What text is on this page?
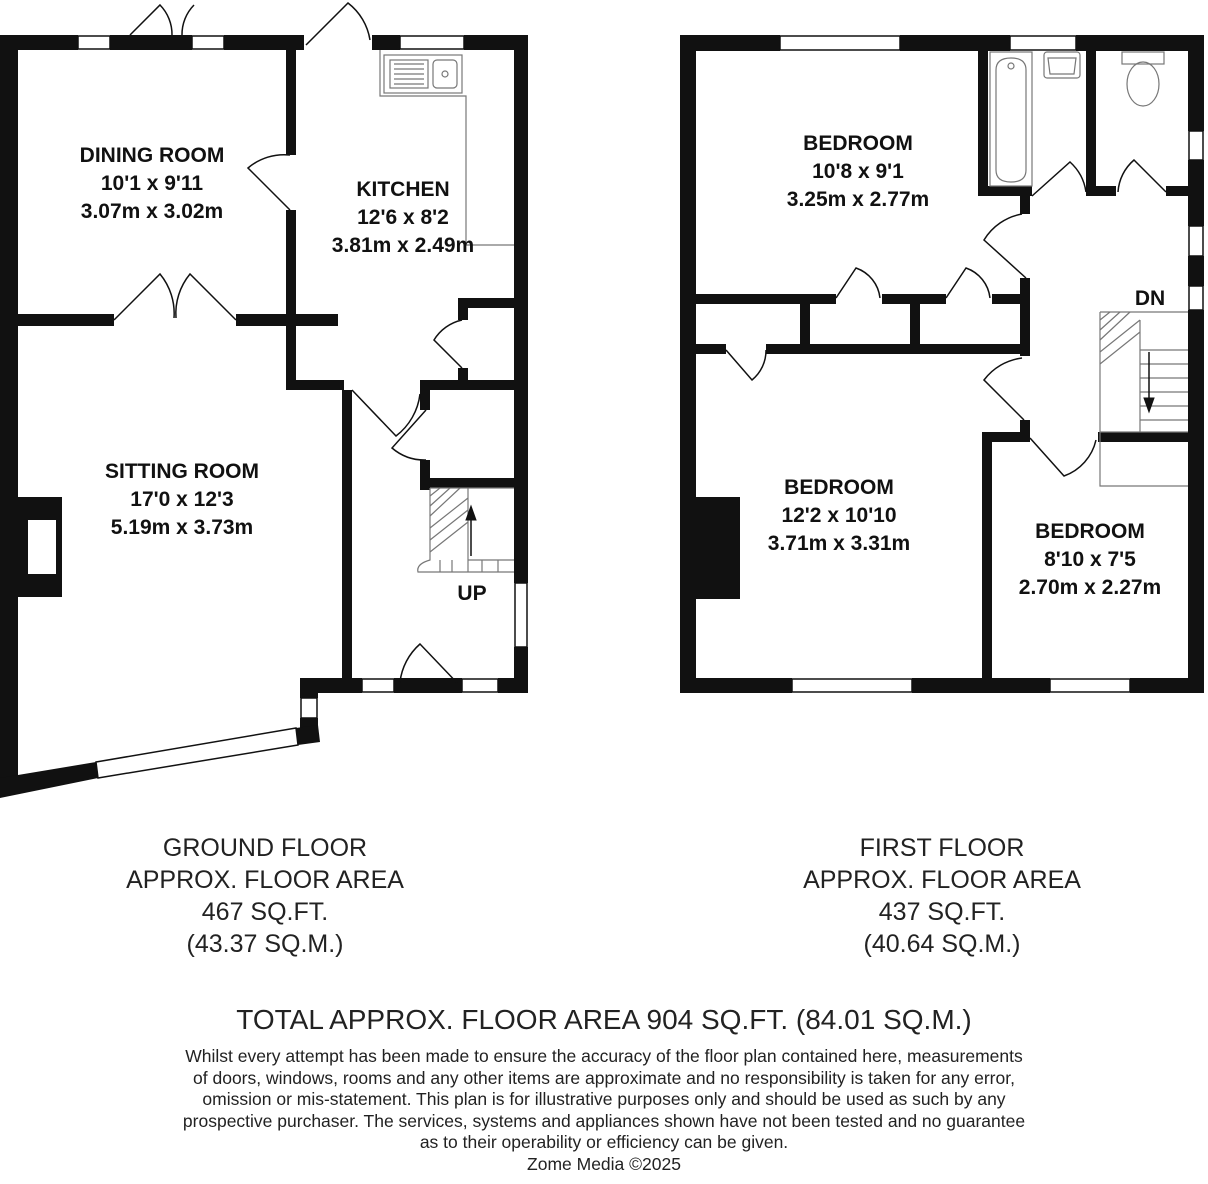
DINING ROOM
10'1 x 9'11
3.07m x 3.02m
KITCHEN
12'6 x 8'2
3.81m x 2.49m
SITTING ROOM
17'0 x 12'3
5.19m x 3.73m
UP
BEDROOM
10'8 x 9'1
3.25m x 2.77m
BEDROOM
12'2 x 10'10
3.71m x 3.31m
BEDROOM
8'10 x 7'5
2.70m x 2.27m
DN
GROUND FLOOR
APPROX. FLOOR AREA
467 SQ.FT.
(43.37 SQ.M.)
FIRST FLOOR
APPROX. FLOOR AREA
437 SQ.FT.
(40.64 SQ.M.)
TOTAL APPROX. FLOOR AREA 904 SQ.FT. (84.01 SQ.M.)
Whilst every attempt has been made to ensure the accuracy of the floor plan contained here, measurements
of doors, windows, rooms and any other items are approximate and no responsibility is taken for any error,
omission or mis-statement. This plan is for illustrative purposes only and should be used as such by any
prospective purchaser. The services, systems and appliances shown have not been tested and no guarantee
as to their operability or efficiency can be given.
Zome Media ©2025
